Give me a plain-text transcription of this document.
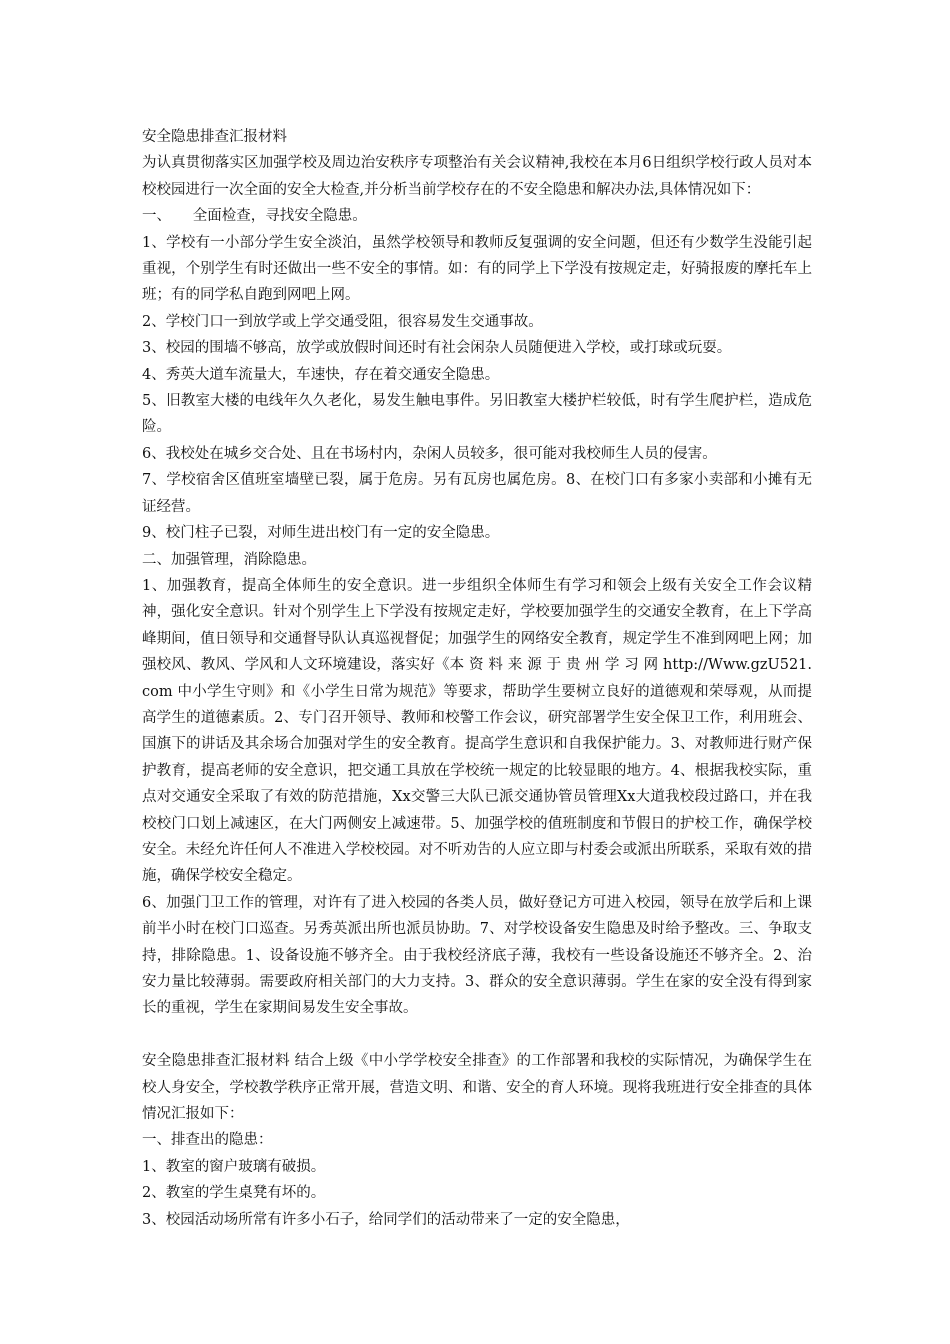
安全隐患排查汇报材料

为认真贯彻落实区加强学校及周边治安秩序专项整治有关会议精神,我校在本月6日组织学校行政人员对本校校园进行一次全面的安全大检查,并分析当前学校存在的不安全隐患和解决办法,具体情况如下：

一、　　全面检查，寻找安全隐患。

1、学校有一小部分学生安全淡泊，虽然学校领导和教师反复强调的安全问题，但还有少数学生没能引起重视，个别学生有时还做出一些不安全的事情。如：有的同学上下学没有按规定走，好骑报废的摩托车上班；有的同学私自跑到网吧上网。

2、学校门口一到放学或上学交通受阻，很容易发生交通事故。

3、校园的围墙不够高，放学或放假时间还时有社会闲杂人员随便进入学校，或打球或玩耍。

4、秀英大道车流量大，车速快，存在着交通安全隐患。

5、旧教室大楼的电线年久久老化，易发生触电事件。另旧教室大楼护栏较低，时有学生爬护栏，造成危险。

6、我校处在城乡交合处、且在书场村内，杂闲人员较多，很可能对我校师生人员的侵害。

7、学校宿舍区值班室墙壁已裂，属于危房。另有瓦房也属危房。8、在校门口有多家小卖部和小摊有无证经营。

9、校门柱子已裂，对师生进出校门有一定的安全隐患。

二、加强管理，消除隐患。

1、加强教育，提高全体师生的安全意识。进一步组织全体师生有学习和领会上级有关安全工作会议精神，强化安全意识。针对个别学生上下学没有按规定走好，学校要加强学生的交通安全教育，在上下学高峰期间，值日领导和交通督导队认真巡视督促；加强学生的网络安全教育，规定学生不准到网吧上网；加强校风、教风、学风和人文环境建设，落实好《本 资 料 来 源 于 贵 州 学 习 网 http://Www.gzU521.com 中小学生守则》和《小学生日常为规范》等要求，帮助学生要树立良好的道德观和荣辱观，从而提高学生的道德素质。2、专门召开领导、教师和校警工作会议，研究部署学生安全保卫工作，利用班会、国旗下的讲话及其余场合加强对学生的安全教育。提高学生意识和自我保护能力。3、对教师进行财产保护教育，提高老师的安全意识，把交通工具放在学校统一规定的比较显眼的地方。4、根据我校实际，重点对交通安全采取了有效的防范措施，Xx交警三大队已派交通协管员管理Xx大道我校段过路口，并在我校校门口划上减速区，在大门两侧安上减速带。5、加强学校的值班制度和节假日的护校工作，确保学校安全。未经允许任何人不准进入学校校园。对不听劝告的人应立即与村委会或派出所联系，采取有效的措施，确保学校安全稳定。

6、加强门卫工作的管理，对许有了进入校园的各类人员，做好登记方可进入校园，领导在放学后和上课前半小时在校门口巡查。另秀英派出所也派员协助。7、对学校设备安生隐患及时给予整改。三、争取支持，排除隐患。1、设备设施不够齐全。由于我校经济底子薄，我校有一些设备设施还不够齐全。2、治安力量比较薄弱。需要政府相关部门的大力支持。3、群众的安全意识薄弱。学生在家的安全没有得到家长的重视，学生在家期间易发生安全事故。

安全隐患排查汇报材料 结合上级《中小学学校安全排查》的工作部署和我校的实际情况，为确保学生在校人身安全，学校教学秩序正常开展，营造文明、和谐、安全的育人环境。现将我班进行安全排查的具体情况汇报如下：

一、排查出的隐患：

1、教室的窗户玻璃有破损。

2、教室的学生桌凳有坏的。

3、校园活动场所常有许多小石子，给同学们的活动带来了一定的安全隐患，
